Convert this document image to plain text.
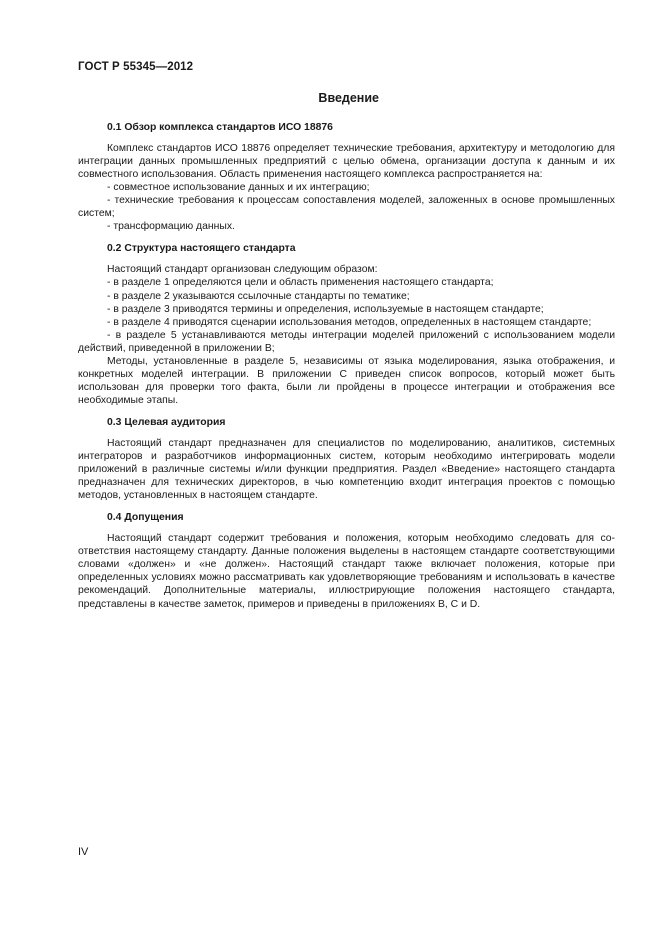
ГОСТ Р 55345—2012
Введение

0.1 Обзор комплекса стандартов ИСО 18876

Комплекс стандартов ИСО 18876 определяет технические требования, архитектуру и методологию для интеграции данных промышленных предприятий с целью обмена, организации доступа к данным и их совместного использования. Область применения настоящего комплекса распространяется на:

- совместное использование данных и их интеграцию;

- технические требования к процессам сопоставления моделей, заложенных в основе промышленных систем;

- трансформацию данных.

0.2 Структура настоящего стандарта

Настоящий стандарт организован следующим образом:

- в разделе 1 определяются цели и область применения настоящего стандарта;

- в разделе 2 указываются ссылочные стандарты по тематике;

- в разделе 3 приводятся термины и определения, используемые в настоящем стандарте;

- в разделе 4 приводятся сценарии использования методов, определенных в настоящем стандарте;

- в разделе 5 устанавливаются методы интеграции моделей приложений с использованием модели действий, приведенной в приложении В;

Методы, установленные в разделе 5, независимы от языка моделирования, языка отображения, и конкретных моделей интеграции. В приложении С приведен список вопросов, который может быть использован для проверки того факта, были ли пройдены в процессе интеграции и отображения все необходимые этапы.

0.3 Целевая аудитория

Настоящий стандарт предназначен для специалистов по моделированию, аналитиков, системных интеграторов и разработчиков информационных систем, которым необходимо интегрировать модели приложений в различные системы и/или функции предприятия. Раздел «Введение» настоящего стандарта предназначен для технических директоров, в чью компетенцию входит интеграция проектов с помощью методов, установленных в настоящем стандарте.

0.4 Допущения

Настоящий стандарт содержит требования и положения, которым необходимо следовать для соответствия настоящему стандарту. Данные положения выделены в настоящем стандарте соответствующими словами «должен» и «не должен». Настоящий стандарт также включает положения, которые при определенных условиях можно рассматривать как удовлетворяющие требованиям и использовать в качестве рекомендаций. Дополнительные материалы, иллюстрирующие положения настоящего стандарта, представлены в качестве заметок, примеров и приведены в приложениях В, С и D.

IV
